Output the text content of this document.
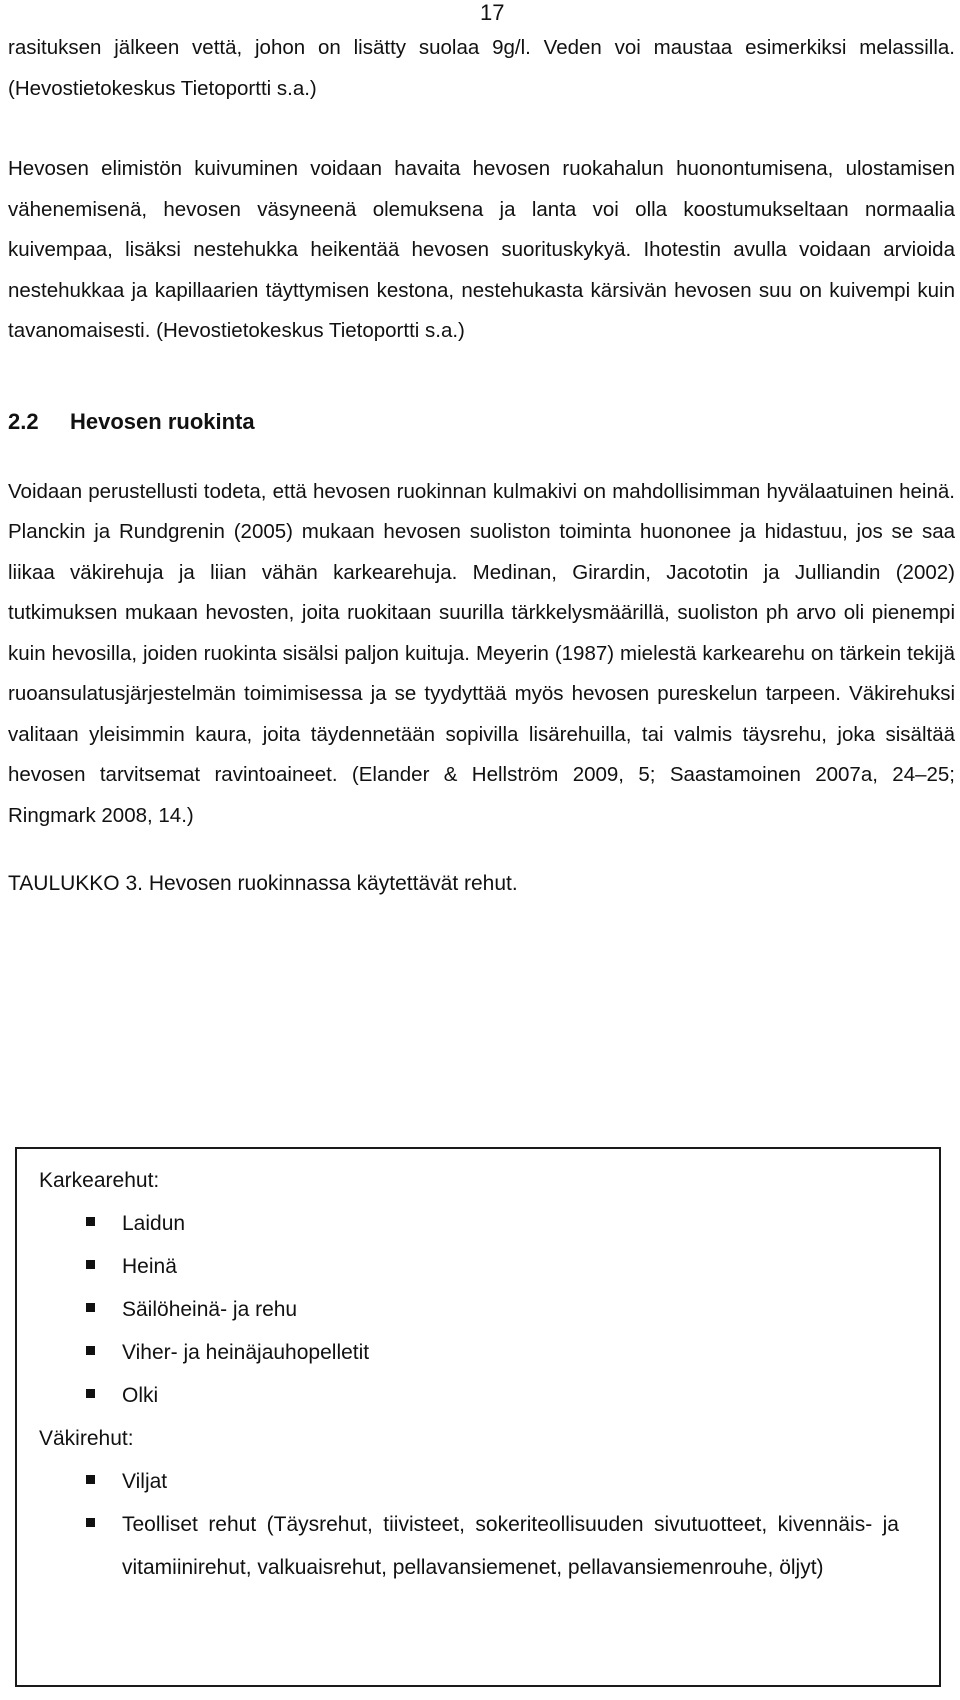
17

rasituksen jälkeen vettä, johon on lisätty suolaa 9g/l. Veden voi maustaa esimerkiksi melassilla. (Hevostietokeskus Tietoportti s.a.)

Hevosen elimistön kuivuminen voidaan havaita hevosen ruokahalun huonontumisena, ulostamisen vähenemisenä, hevosen väsyneenä olemuksena ja lanta voi olla koostumukseltaan normaalia kuivempaa, lisäksi nestehukka heikentää hevosen suorituskykyä. Ihotestin avulla voidaan arvioida nestehukkaa ja kapillaarien täyttymisen kestona, nestehukasta kärsivän hevosen suu on kuivempi kuin tavanomaisesti. (Hevostietokeskus Tietoportti s.a.)

2.2 Hevosen ruokinta

Voidaan perustellusti todeta, että hevosen ruokinnan kulmakivi on mahdollisimman hyvälaatuinen heinä. Planckin ja Rundgrenin (2005) mukaan hevosen suoliston toiminta huononee ja hidastuu, jos se saa liikaa väkirehuja ja liian vähän karkearehuja. Medinan, Girardin, Jacototin ja Julliandin (2002) tutkimuksen mukaan hevosten, joita ruokitaan suurilla tärkkelysmäärillä, suoliston ph arvo oli pienempi kuin hevosilla, joiden ruokinta sisälsi paljon kuituja. Meyerin (1987) mielestä karkearehu on tärkein tekijä ruoansulatusjärjestelmän toimimisessa ja se tyydyttää myös hevosen pureskelun tarpeen. Väkirehuksi valitaan yleisimmin kaura, joita täydennetään sopivilla lisärehuilla, tai valmis täysrehu, joka sisältää hevosen tarvitsemat ravintoaineet. (Elander & Hellström 2009, 5; Saastamoinen 2007a, 24–25; Ringmark 2008, 14.)

TAULUKKO 3. Hevosen ruokinnassa käytettävät rehut.

Karkearehut:
Laidun
Heinä
Säilöheinä- ja rehu
Viher- ja heinäjauhopelletit
Olki
Väkirehut:
Viljat
Teolliset rehut (Täysrehut, tiivisteet, sokeriteollisuuden sivutuotteet, kivennäis- ja vitamiinirehut, valkuaisrehut, pellavansiemenet, pellavansiemenrouhe, öljyt)
